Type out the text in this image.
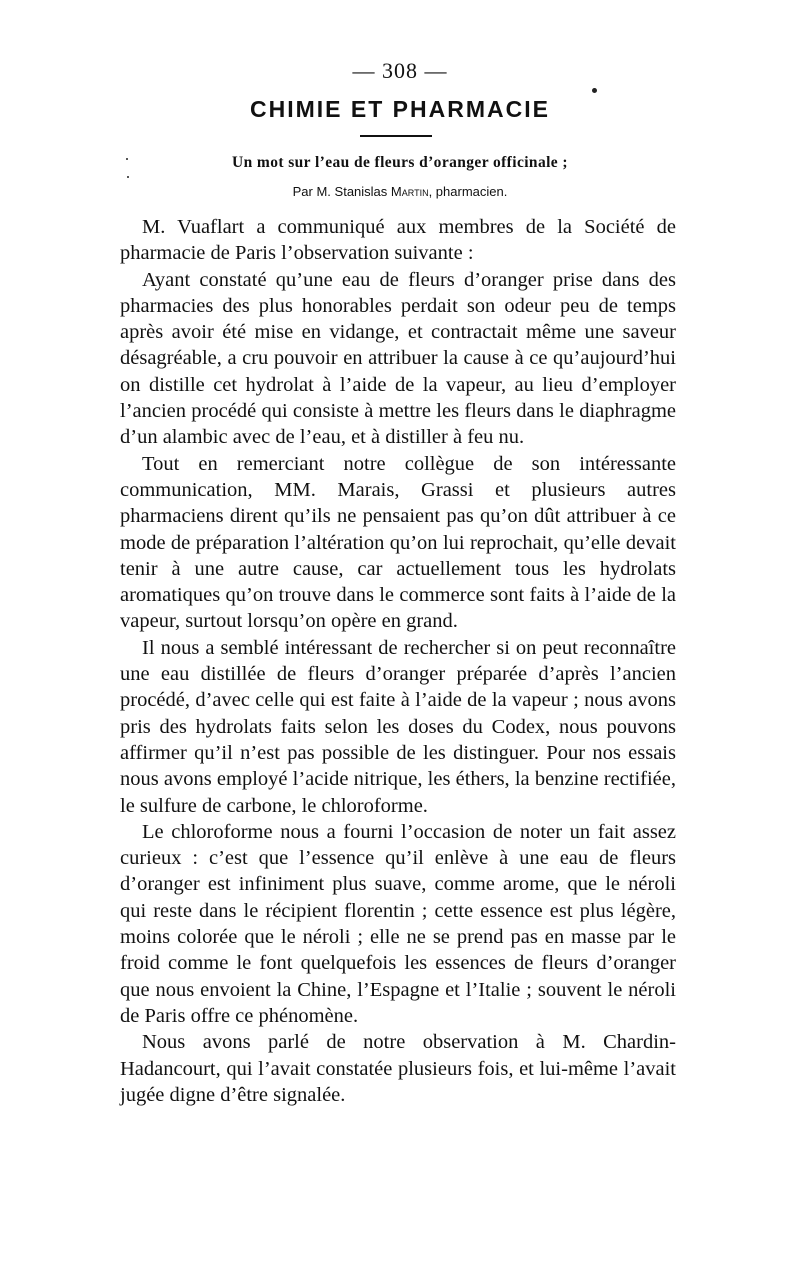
— 308 —
CHIMIE ET PHARMACIE
Un mot sur l’eau de fleurs d’oranger officinale ;
Par M. Stanislas Martin, pharmacien.

M. Vuaflart a communiqué aux membres de la Société de pharmacie de Paris l’observation suivante :

Ayant constaté qu’une eau de fleurs d’oranger prise dans des pharmacies des plus honorables perdait son odeur peu de temps après avoir été mise en vidange, et contractait même une saveur désagréable, a cru pouvoir en attribuer la cause à ce qu’aujourd’hui on distille cet hydrolat à l’aide de la vapeur, au lieu d’employer l’ancien procédé qui consiste à mettre les fleurs dans le diaphragme d’un alambic avec de l’eau, et à distiller à feu nu.

Tout en remerciant notre collègue de son intéressante communication, MM. Marais, Grassi et plusieurs autres pharmaciens dirent qu’ils ne pensaient pas qu’on dût attribuer à ce mode de préparation l’altération qu’on lui reprochait, qu’elle devait tenir à une autre cause, car actuellement tous les hydrolats aromatiques qu’on trouve dans le commerce sont faits à l’aide de la vapeur, surtout lorsqu’on opère en grand.

Il nous a semblé intéressant de rechercher si on peut reconnaître une eau distillée de fleurs d’oranger préparée d’après l’ancien procédé, d’avec celle qui est faite à l’aide de la vapeur ; nous avons pris des hydrolats faits selon les doses du Codex, nous pouvons affirmer qu’il n’est pas possible de les distinguer. Pour nos essais nous avons employé l’acide nitrique, les éthers, la benzine rectifiée, le sulfure de carbone, le chloroforme.

Le chloroforme nous a fourni l’occasion de noter un fait assez curieux : c’est que l’essence qu’il enlève à une eau de fleurs d’oranger est infiniment plus suave, comme arome, que le néroli qui reste dans le récipient florentin ; cette essence est plus légère, moins colorée que le néroli ; elle ne se prend pas en masse par le froid comme le font quelquefois les essences de fleurs d’oranger que nous envoient la Chine, l’Espagne et l’Italie ; souvent le néroli de Paris offre ce phénomène.

Nous avons parlé de notre observation à M. Chardin-Hadancourt, qui l’avait constatée plusieurs fois, et lui-même l’avait jugée digne d’être signalée.
